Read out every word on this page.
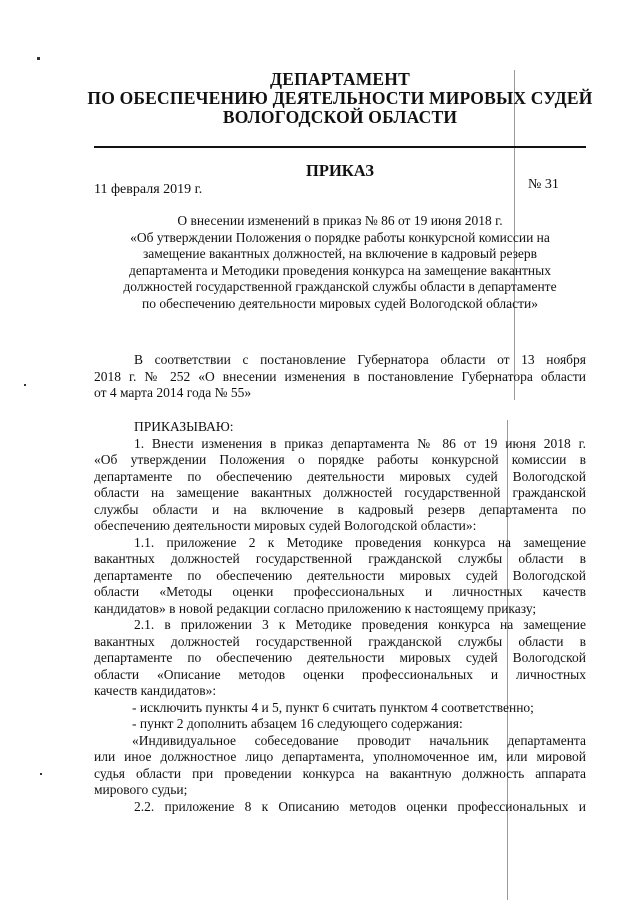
ДЕПАРТАМЕНТ
ПО ОБЕСПЕЧЕНИЮ ДЕЯТЕЛЬНОСТИ МИРОВЫХ СУДЕЙ
ВОЛОГОДСКОЙ ОБЛАСТИ
ПРИКАЗ
11 февраля 2019 г.	№ 31
О внесении изменений в приказ № 86 от 19 июня 2018 г.
«Об утверждении Положения о порядке работы конкурсной комиссии на
замещение вакантных должностей, на включение в кадровый резерв
департамента и Методики проведения конкурса на замещение вакантных
должностей государственной гражданской службы области в департаменте
по обеспечению деятельности мировых судей Вологодской области»
В соответствии с постановление Губернатора области от 13 ноября
2018 г. № 252 «О внесении изменения в постановление Губернатора области
от 4 марта 2014 года № 55»
ПРИКАЗЫВАЮ:
1. Внести изменения в приказ департамента № 86 от 19 июня 2018 г.
«Об утверждении Положения о порядке работы конкурсной комиссии в
департаменте по обеспечению деятельности мировых судей Вологодской
области на замещение вакантных должностей государственной гражданской
службы области и на включение в кадровый резерв департамента по
обеспечению деятельности мировых судей Вологодской области»:
1.1. приложение 2 к Методике проведения конкурса на замещение
вакантных должностей государственной гражданской службы области в
департаменте по обеспечению деятельности мировых судей Вологодской
области «Методы оценки профессиональных и личностных качеств
кандидатов» в новой редакции согласно приложению к настоящему приказу;
2.1. в приложении 3 к Методике проведения конкурса на замещение
вакантных должностей государственной гражданской службы области в
департаменте по обеспечению деятельности мировых судей Вологодской
области «Описание методов оценки профессиональных и личностных
качеств кандидатов»:
- исключить пункты 4 и 5, пункт 6 считать пунктом 4 соответственно;
- пункт 2 дополнить абзацем 16 следующего содержания:
«Индивидуальное собеседование проводит начальник департамента
или иное должностное лицо департамента, уполномоченное им, или мировой
судья области при проведении конкурса на вакантную должность аппарата
мирового судьи;
2.2. приложение 8 к Описанию методов оценки профессиональных и
